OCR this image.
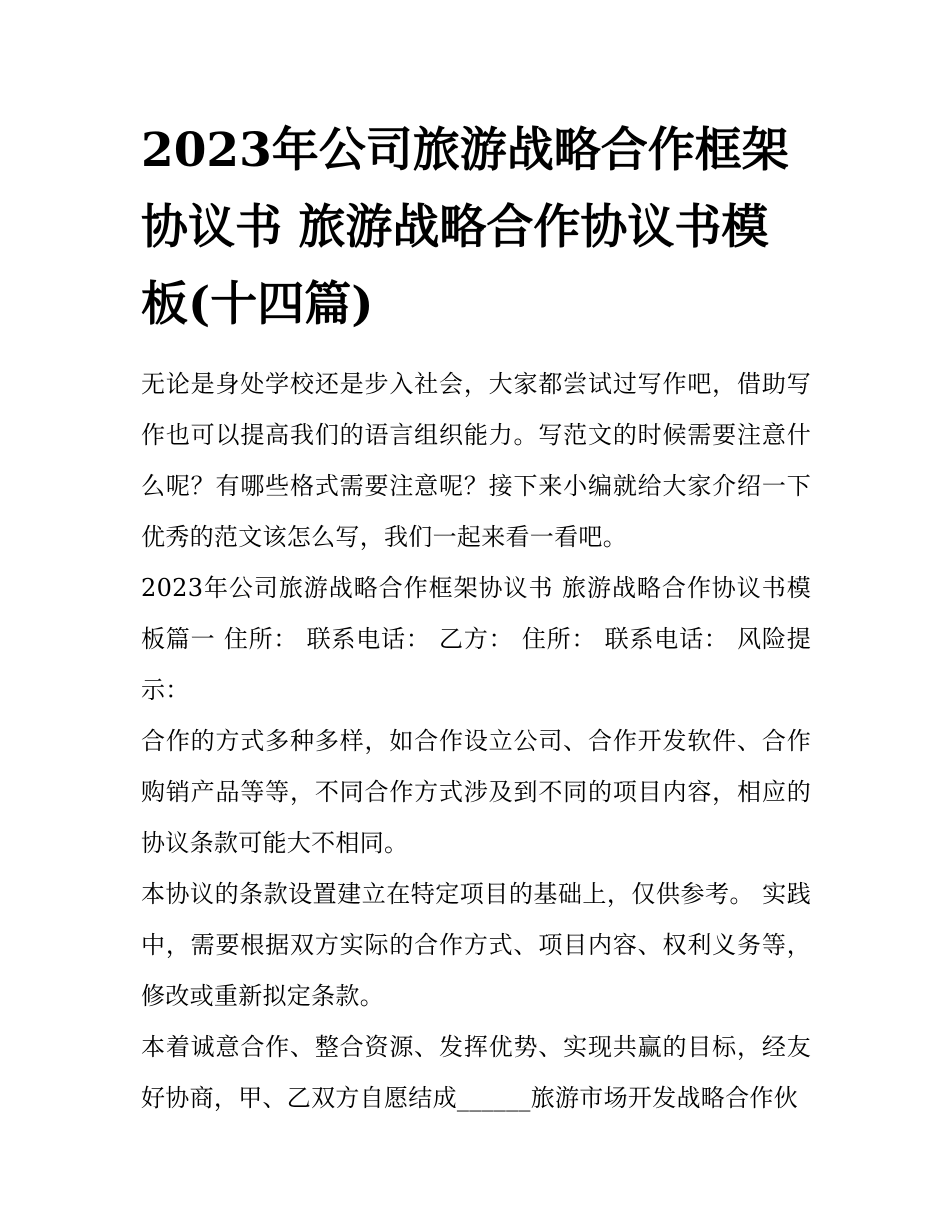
2023年公司旅游战略合作框架协议书 旅游战略合作协议书模板(十四篇)

无论是身处学校还是步入社会，大家都尝试过写作吧，借助写作也可以提高我们的语言组织能力。写范文的时候需要注意什么呢？有哪些格式需要注意呢？接下来小编就给大家介绍一下优秀的范文该怎么写，我们一起来看一看吧。

2023年公司旅游战略合作框架协议书 旅游战略合作协议书模板篇一 住所： 联系电话： 乙方： 住所： 联系电话： 风险提示：

合作的方式多种多样，如合作设立公司、合作开发软件、合作购销产品等等，不同合作方式涉及到不同的项目内容，相应的协议条款可能大不相同。

本协议的条款设置建立在特定项目的基础上，仅供参考。 实践中，需要根据双方实际的合作方式、项目内容、权利义务等，修改或重新拟定条款。

本着诚意合作、整合资源、发挥优势、实现共赢的目标，经友好协商，甲、乙双方自愿结成______旅游市场开发战略合作伙
